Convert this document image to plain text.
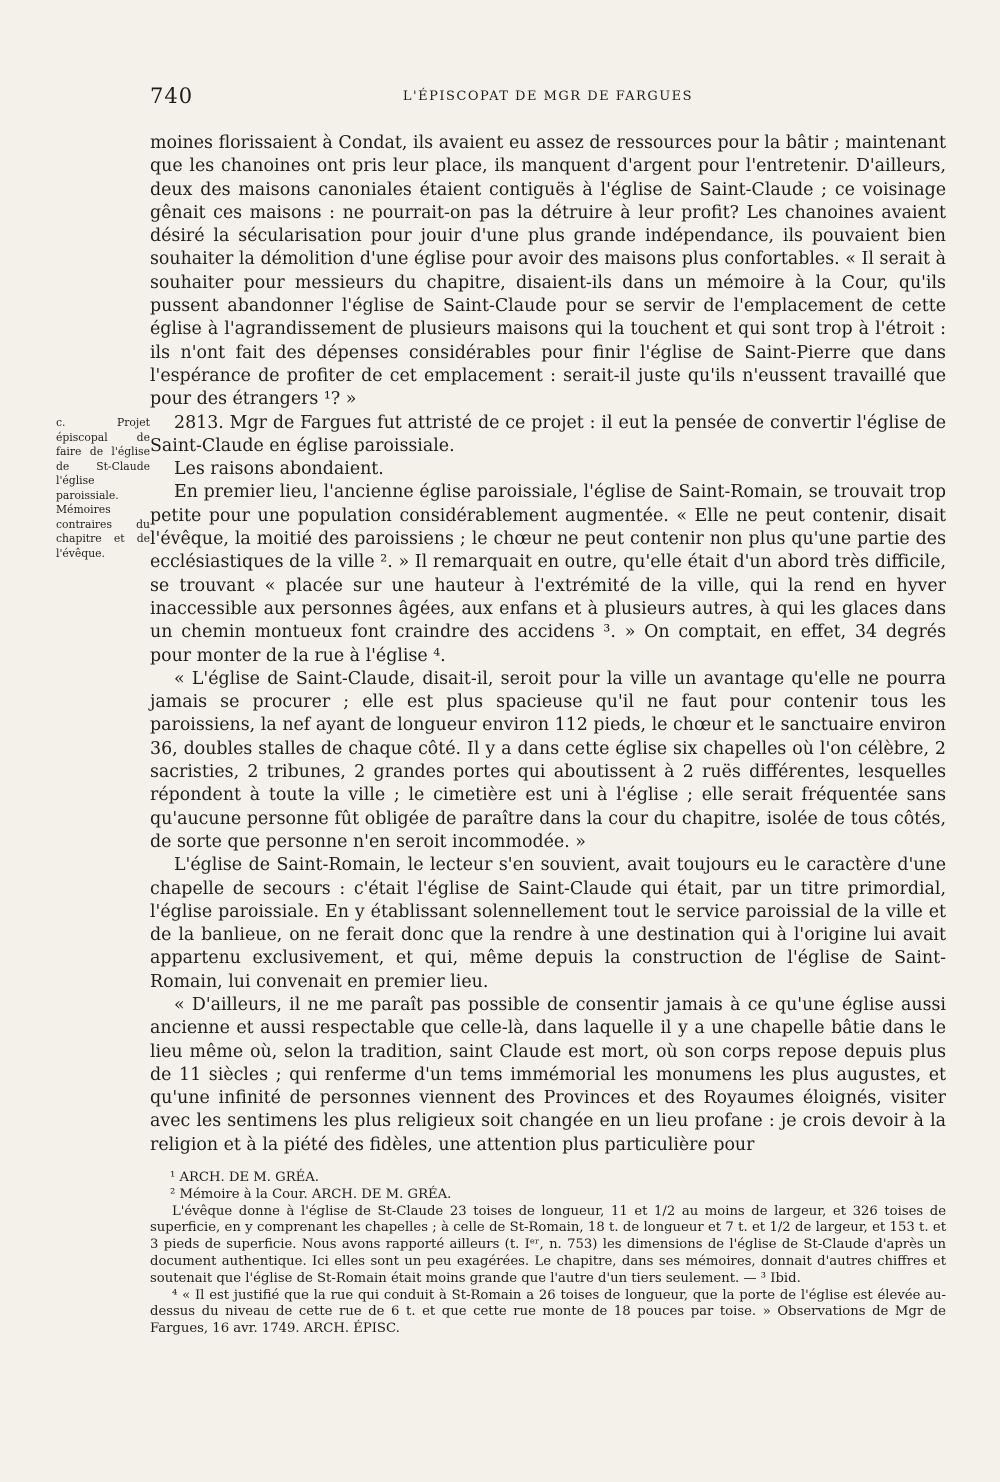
740	L'ÉPISCOPAT DE MGR DE FARGUES
c. Projet épiscopal de faire de l'église de St-Claude l'église paroissiale. Mémoires contraires du chapitre et de l'évêque.

moines florissaient à Condat, ils avaient eu assez de ressources pour la bâtir ; maintenant que les chanoines ont pris leur place, ils manquent d'argent pour l'entretenir. D'ailleurs, deux des maisons canoniales étaient contiguës à l'église de Saint-Claude ; ce voisinage gênait ces maisons : ne pourrait-on pas la détruire à leur profit? Les chanoines avaient désiré la sécularisation pour jouir d'une plus grande indépendance, ils pouvaient bien souhaiter la démolition d'une église pour avoir des maisons plus confortables. « Il serait à souhaiter pour messieurs du chapitre, disaient-ils dans un mémoire à la Cour, qu'ils pussent abandonner l'église de Saint-Claude pour se servir de l'emplacement de cette église à l'agrandissement de plusieurs maisons qui la touchent et qui sont trop à l'étroit : ils n'ont fait des dépenses considérables pour finir l'église de Saint-Pierre que dans l'espérance de profiter de cet emplacement : serait-il juste qu'ils n'eussent travaillé que pour des étrangers ¹? »

2813. Mgr de Fargues fut attristé de ce projet : il eut la pensée de convertir l'église de Saint-Claude en église paroissiale.

Les raisons abondaient.

En premier lieu, l'ancienne église paroissiale, l'église de Saint-Romain, se trouvait trop petite pour une population considérablement augmentée. « Elle ne peut contenir, disait l'évêque, la moitié des paroissiens ; le chœur ne peut contenir non plus qu'une partie des ecclésiastiques de la ville ². » Il remarquait en outre, qu'elle était d'un abord très difficile, se trouvant « placée sur une hauteur à l'extrémité de la ville, qui la rend en hyver inaccessible aux personnes âgées, aux enfans et à plusieurs autres, à qui les glaces dans un chemin montueux font craindre des accidens ³. » On comptait, en effet, 34 degrés pour monter de la rue à l'église ⁴.

« L'église de Saint-Claude, disait-il, seroit pour la ville un avantage qu'elle ne pourra jamais se procurer ; elle est plus spacieuse qu'il ne faut pour contenir tous les paroissiens, la nef ayant de longueur environ 112 pieds, le chœur et le sanctuaire environ 36, doubles stalles de chaque côté. Il y a dans cette église six chapelles où l'on célèbre, 2 sacristies, 2 tribunes, 2 grandes portes qui aboutissent à 2 ruës différentes, lesquelles répondent à toute la ville ; le cimetière est uni à l'église ; elle serait fréquentée sans qu'aucune personne fût obligée de paraître dans la cour du chapitre, isolée de tous côtés, de sorte que personne n'en seroit incommodée. »

L'église de Saint-Romain, le lecteur s'en souvient, avait toujours eu le caractère d'une chapelle de secours : c'était l'église de Saint-Claude qui était, par un titre primordial, l'église paroissiale. En y établissant solennellement tout le service paroissial de la ville et de la banlieue, on ne ferait donc que la rendre à une destination qui à l'origine lui avait appartenu exclusivement, et qui, même depuis la construction de l'église de Saint-Romain, lui convenait en premier lieu.

« D'ailleurs, il ne me paraît pas possible de consentir jamais à ce qu'une église aussi ancienne et aussi respectable que celle-là, dans laquelle il y a une chapelle bâtie dans le lieu même où, selon la tradition, saint Claude est mort, où son corps repose depuis plus de 11 siècles ; qui renferme d'un tems immémorial les monumens les plus augustes, et qu'une infinité de personnes viennent des Provinces et des Royaumes éloignés, visiter avec les sentimens les plus religieux soit changée en un lieu profane : je crois devoir à la religion et à la piété des fidèles, une attention plus particulière pour

¹ ARCH. DE M. GRÉA.

² Mémoire à la Cour. ARCH. DE M. GRÉA.

L'évêque donne à l'église de St-Claude 23 toises de longueur, 11 et 1/2 au moins de largeur, et 326 toises de superficie, en y comprenant les chapelles ; à celle de St-Romain, 18 t. de longueur et 7 t. et 1/2 de largeur, et 153 t. et 3 pieds de superficie. Nous avons rapporté ailleurs (t. Iᵉʳ, n. 753) les dimensions de l'église de St-Claude d'après un document authentique. Ici elles sont un peu exagérées. Le chapitre, dans ses mémoires, donnait d'autres chiffres et soutenait que l'église de St-Romain était moins grande que l'autre d'un tiers seulement. — ³ Ibid.

⁴ « Il est justifié que la rue qui conduit à St-Romain a 26 toises de longueur, que la porte de l'église est élevée au-dessus du niveau de cette rue de 6 t. et que cette rue monte de 18 pouces par toise. » Observations de Mgr de Fargues, 16 avr. 1749. ARCH. ÉPISC.
